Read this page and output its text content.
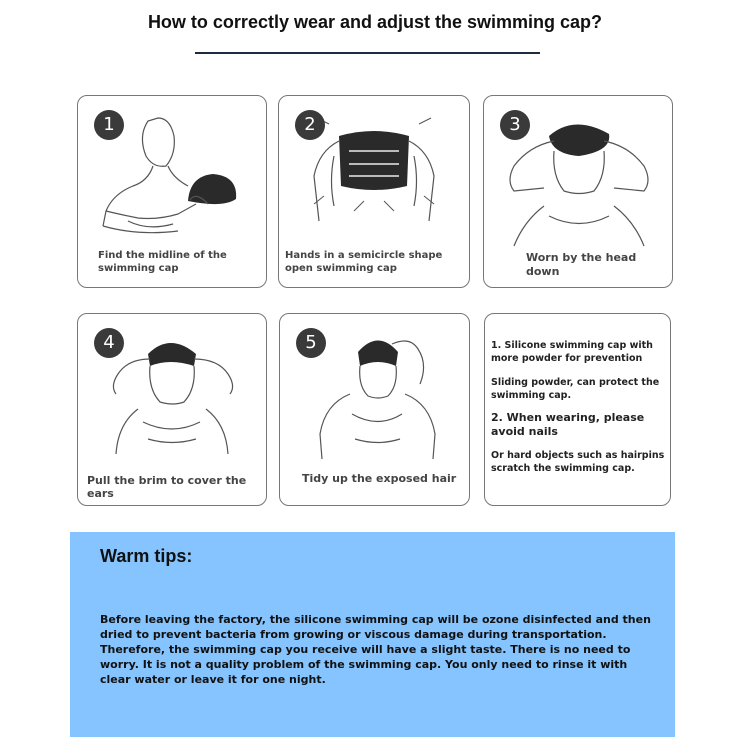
How to correctly wear and adjust the swimming cap?
1
Find the midline of the
swimming cap
2
Hands in a semicircle shape
open swimming cap
3
Worn by the head
down
4
Pull the brim to cover the ears
5
Tidy up the exposed hair
1. Silicone swimming cap with more powder for prevention
Sliding powder, can protect the swimming cap.
2. When wearing, please avoid nails
Or hard objects such as hairpins scratch the swimming cap.
Warm tips:
Before leaving the factory, the silicone swimming cap will be ozone disinfected and then dried to prevent bacteria from growing or viscous damage during transportation. Therefore, the swimming cap you receive will have a slight taste. There is no need to worry. It is not a quality problem of the swimming cap. You only need to rinse it with clear water or leave it for one night.
